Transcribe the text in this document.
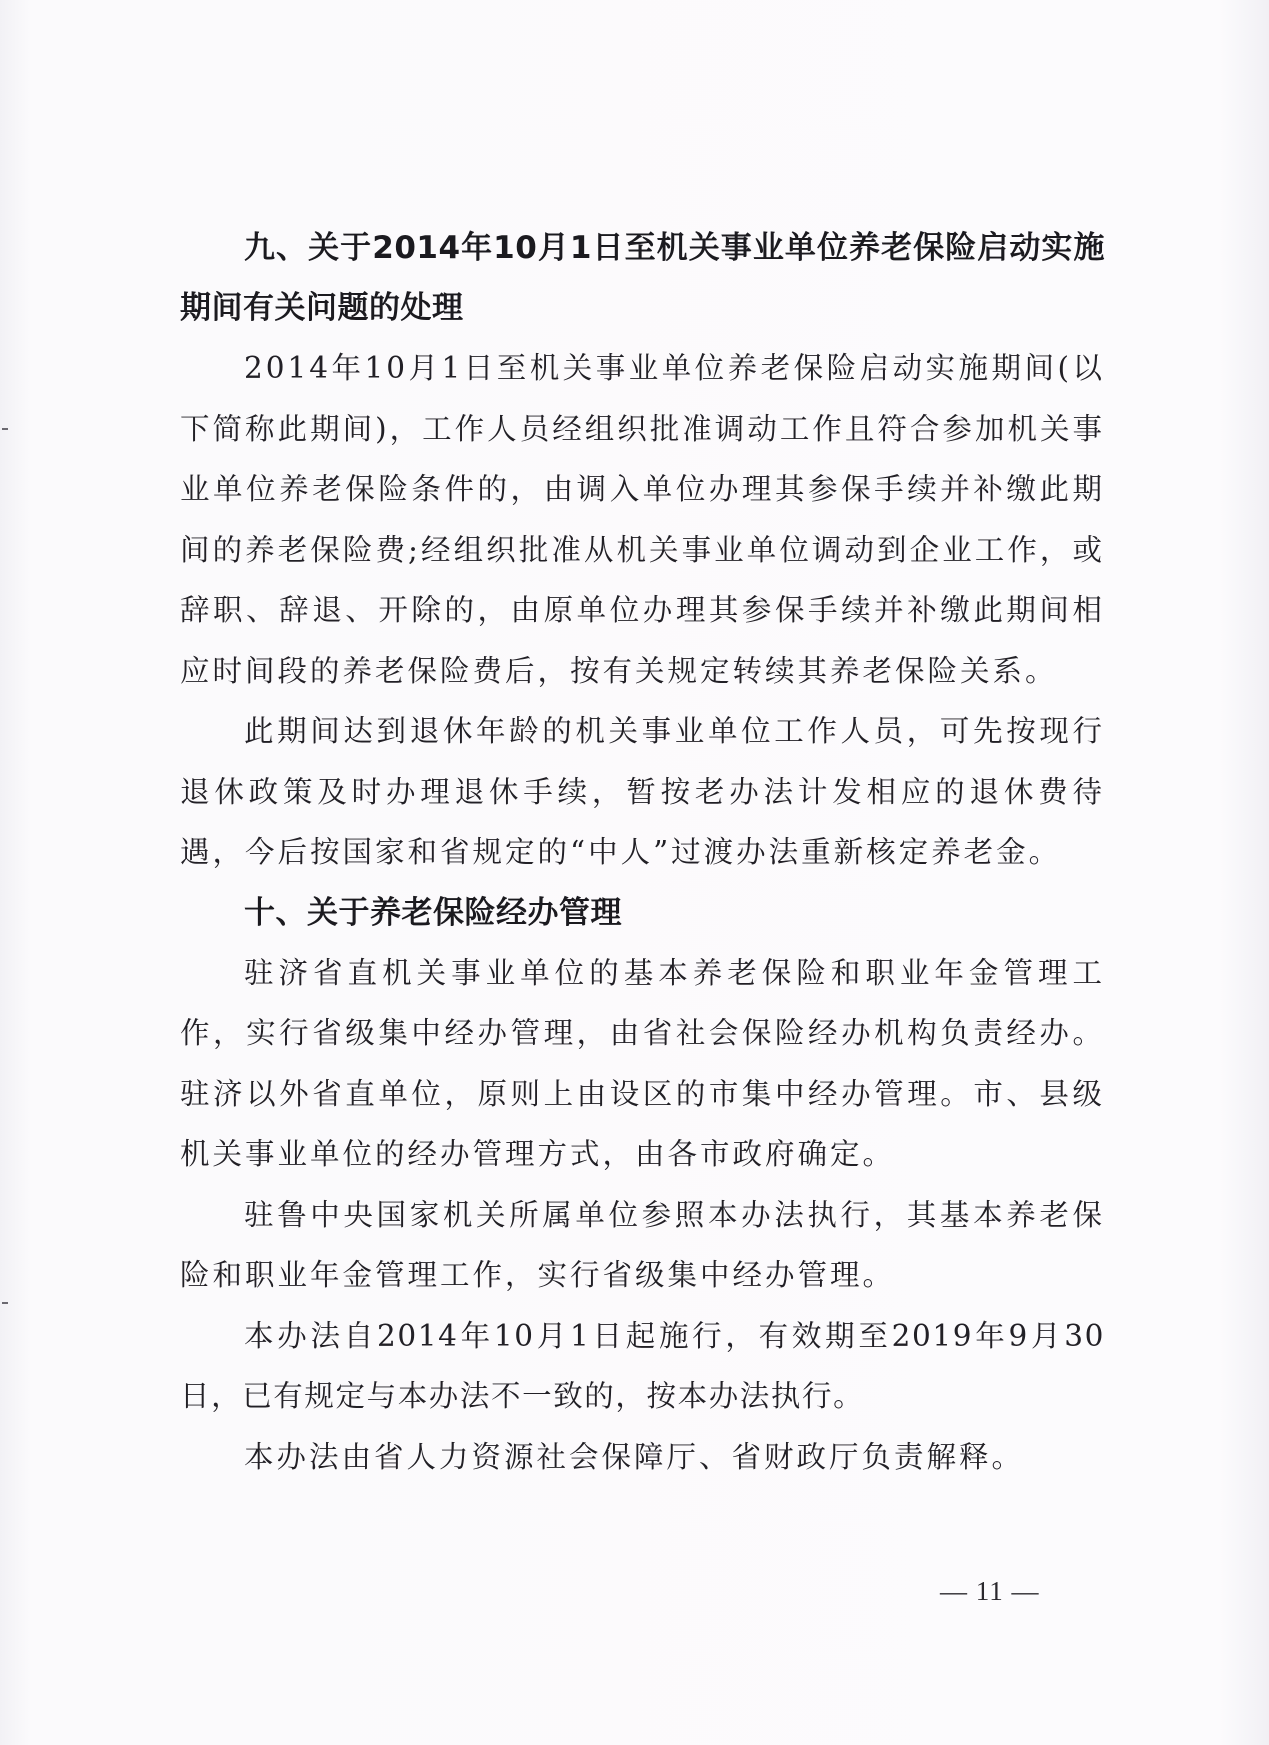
九、关于2014年10月1日至机关事业单位养老保险启动实施期间有关问题的处理

2014年10月1日至机关事业单位养老保险启动实施期间(以下简称此期间)，工作人员经组织批准调动工作且符合参加机关事业单位养老保险条件的，由调入单位办理其参保手续并补缴此期间的养老保险费;经组织批准从机关事业单位调动到企业工作，或辞职、辞退、开除的，由原单位办理其参保手续并补缴此期间相应时间段的养老保险费后，按有关规定转续其养老保险关系。

此期间达到退休年龄的机关事业单位工作人员，可先按现行退休政策及时办理退休手续，暂按老办法计发相应的退休费待遇，今后按国家和省规定的“中人”过渡办法重新核定养老金。

十、关于养老保险经办管理

驻济省直机关事业单位的基本养老保险和职业年金管理工作，实行省级集中经办管理，由省社会保险经办机构负责经办。驻济以外省直单位，原则上由设区的市集中经办管理。市、县级机关事业单位的经办管理方式，由各市政府确定。

驻鲁中央国家机关所属单位参照本办法执行，其基本养老保险和职业年金管理工作，实行省级集中经办管理。

本办法自2014年10月1日起施行，有效期至2019年9月30日，已有规定与本办法不一致的，按本办法执行。

本办法由省人力资源社会保障厅、省财政厅负责解释。

— 11 —
